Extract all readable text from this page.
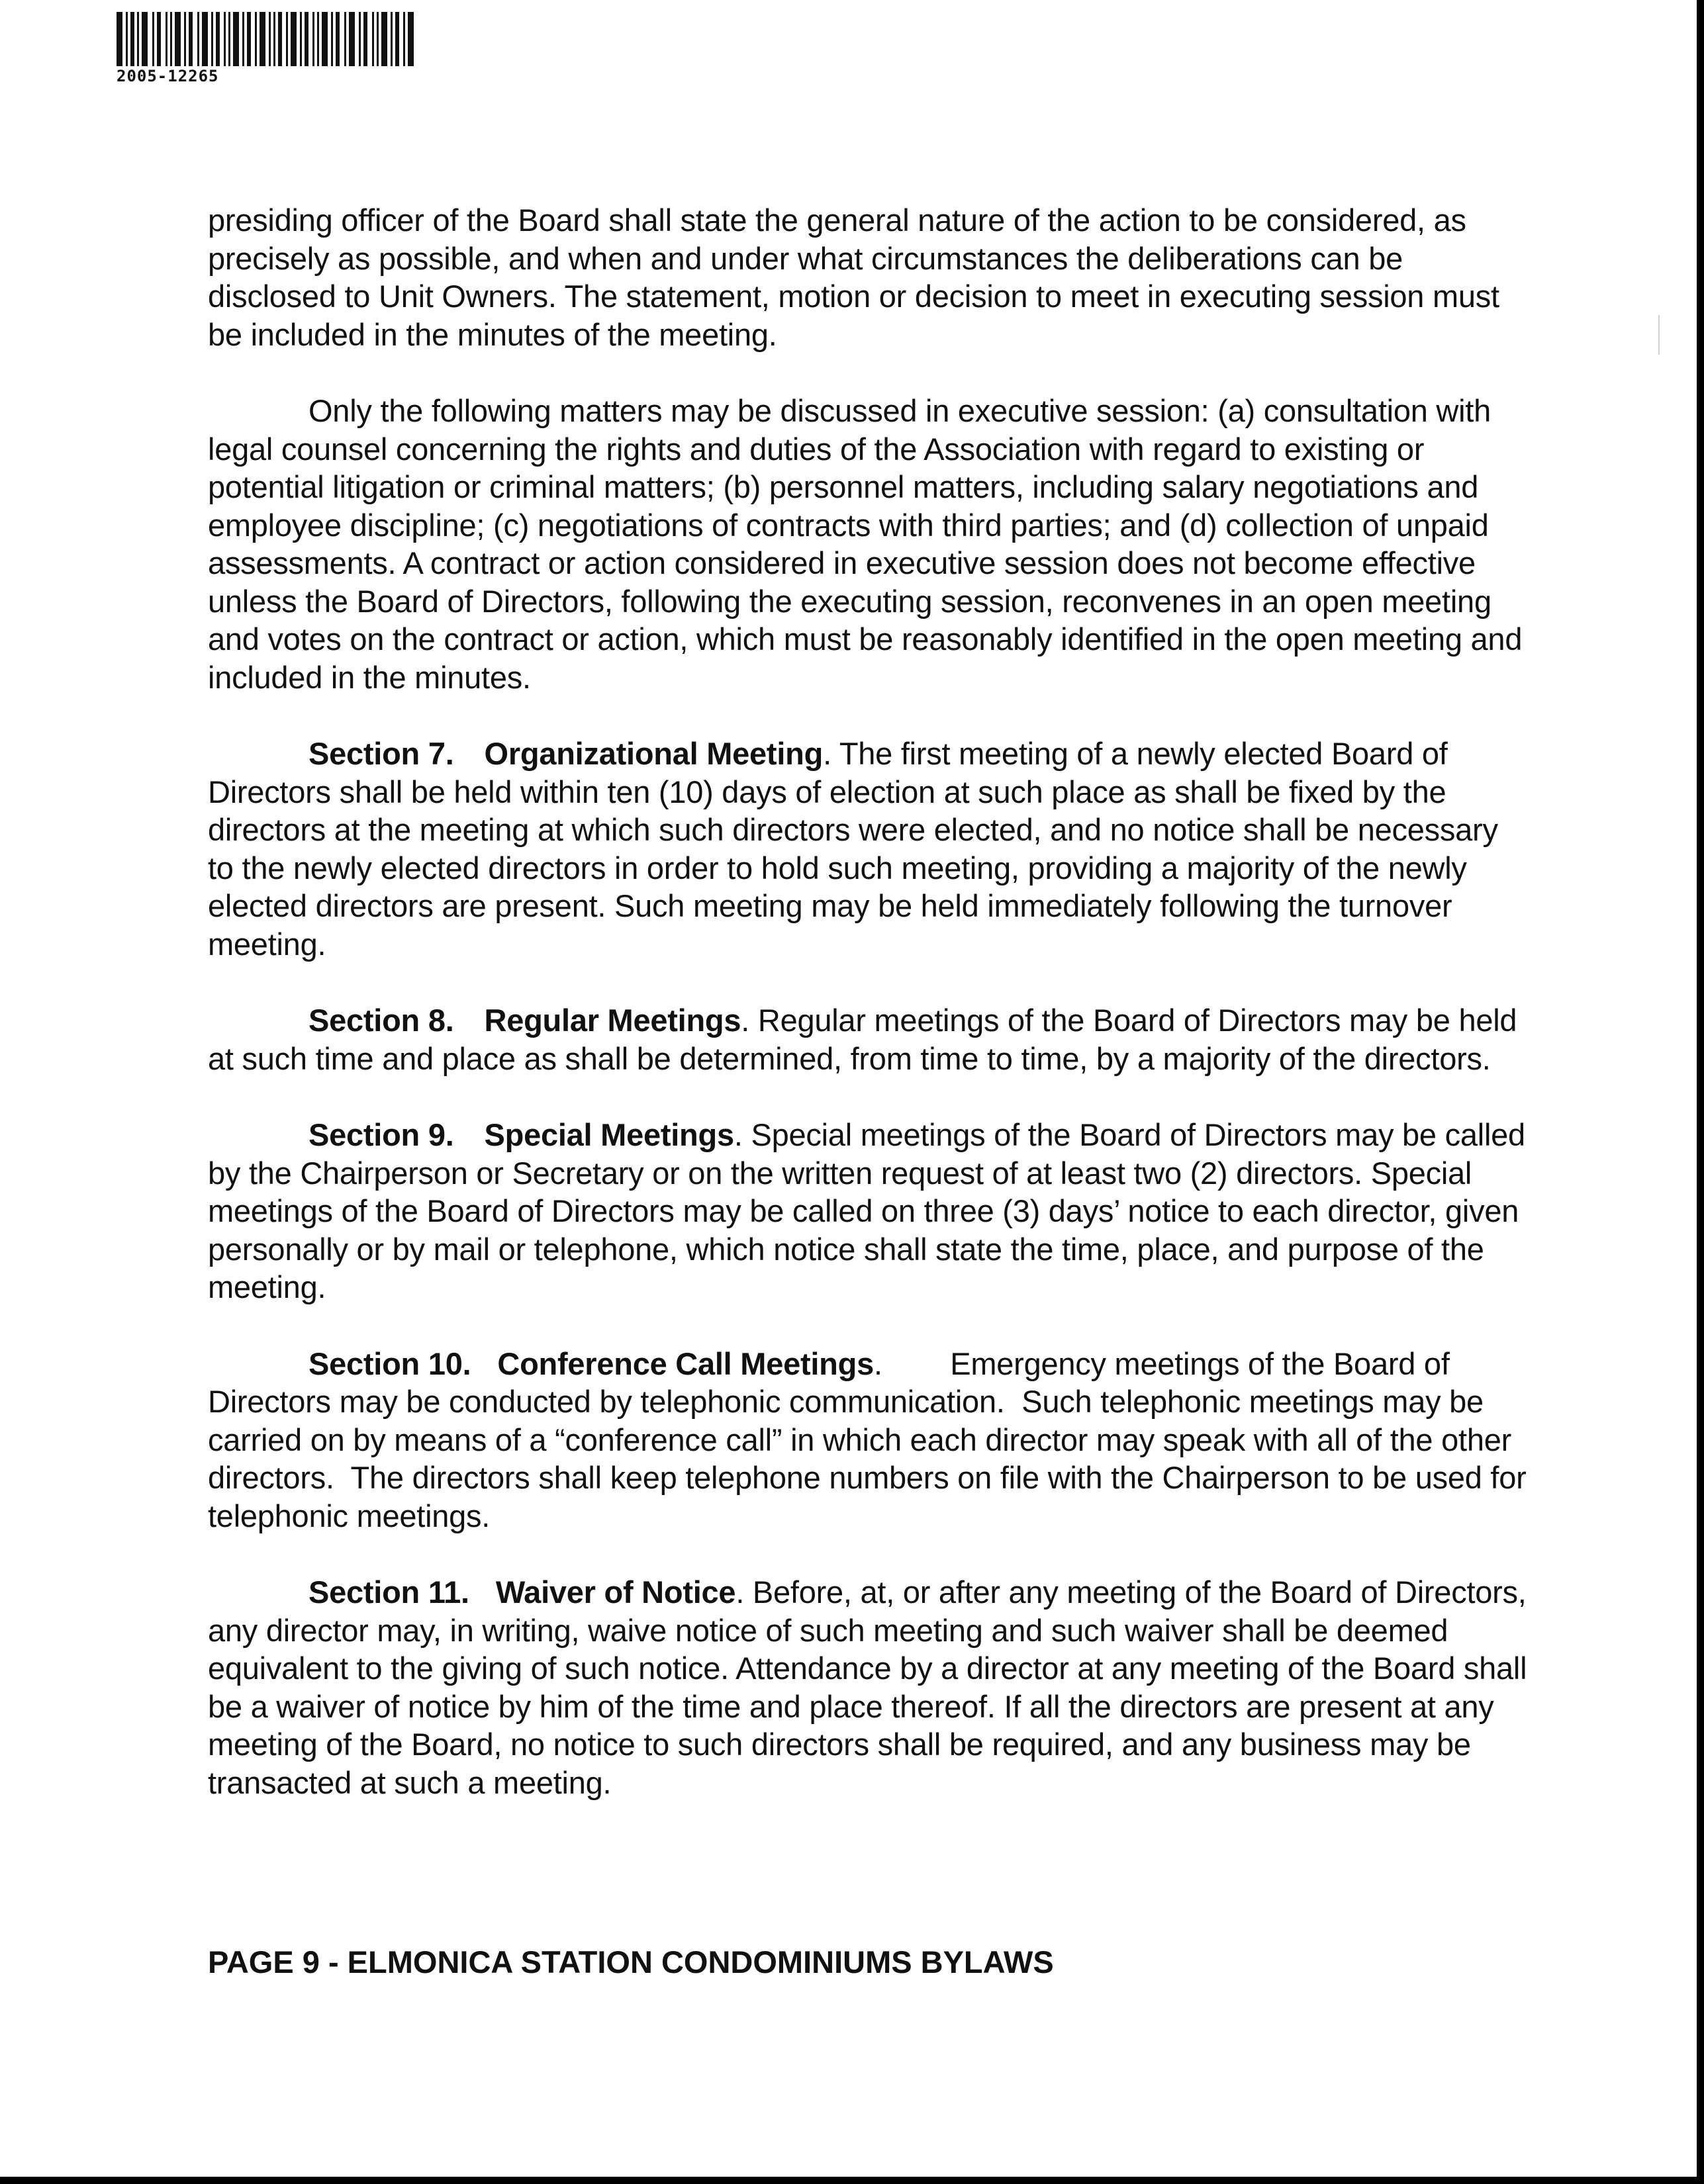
2005-12265

presiding officer of the Board shall state the general nature of the action to be considered, as precisely as possible, and when and under what circumstances the deliberations can be disclosed to Unit Owners. The statement, motion or decision to meet in executing session must be included in the minutes of the meeting.

Only the following matters may be discussed in executive session: (a) consultation with legal counsel concerning the rights and duties of the Association with regard to existing or potential litigation or criminal matters; (b) personnel matters, including salary negotiations and employee discipline; (c) negotiations of contracts with third parties; and (d) collection of unpaid assessments. A contract or action considered in executive session does not become effective unless the Board of Directors, following the executing session, reconvenes in an open meeting and votes on the contract or action, which must be reasonably identified in the open meeting and included in the minutes.

Section 7. Organizational Meeting. The first meeting of a newly elected Board of Directors shall be held within ten (10) days of election at such place as shall be fixed by the directors at the meeting at which such directors were elected, and no notice shall be necessary to the newly elected directors in order to hold such meeting, providing a majority of the newly elected directors are present. Such meeting may be held immediately following the turnover meeting.

Section 8. Regular Meetings. Regular meetings of the Board of Directors may be held at such time and place as shall be determined, from time to time, by a majority of the directors.

Section 9. Special Meetings. Special meetings of the Board of Directors may be called by the Chairperson or Secretary or on the written request of at least two (2) directors. Special meetings of the Board of Directors may be called on three (3) days’ notice to each director, given personally or by mail or telephone, which notice shall state the time, place, and purpose of the meeting.

Section 10. Conference Call Meetings.        Emergency meetings of the Board of Directors may be conducted by telephonic communication.  Such telephonic meetings may be carried on by means of a “conference call” in which each director may speak with all of the other directors.  The directors shall keep telephone numbers on file with the Chairperson to be used for telephonic meetings.

Section 11. Waiver of Notice. Before, at, or after any meeting of the Board of Directors, any director may, in writing, waive notice of such meeting and such waiver shall be deemed equivalent to the giving of such notice. Attendance by a director at any meeting of the Board shall be a waiver of notice by him of the time and place thereof. If all the directors are present at any meeting of the Board, no notice to such directors shall be required, and any business may be transacted at such a meeting.

PAGE 9 - ELMONICA STATION CONDOMINIUMS BYLAWS
